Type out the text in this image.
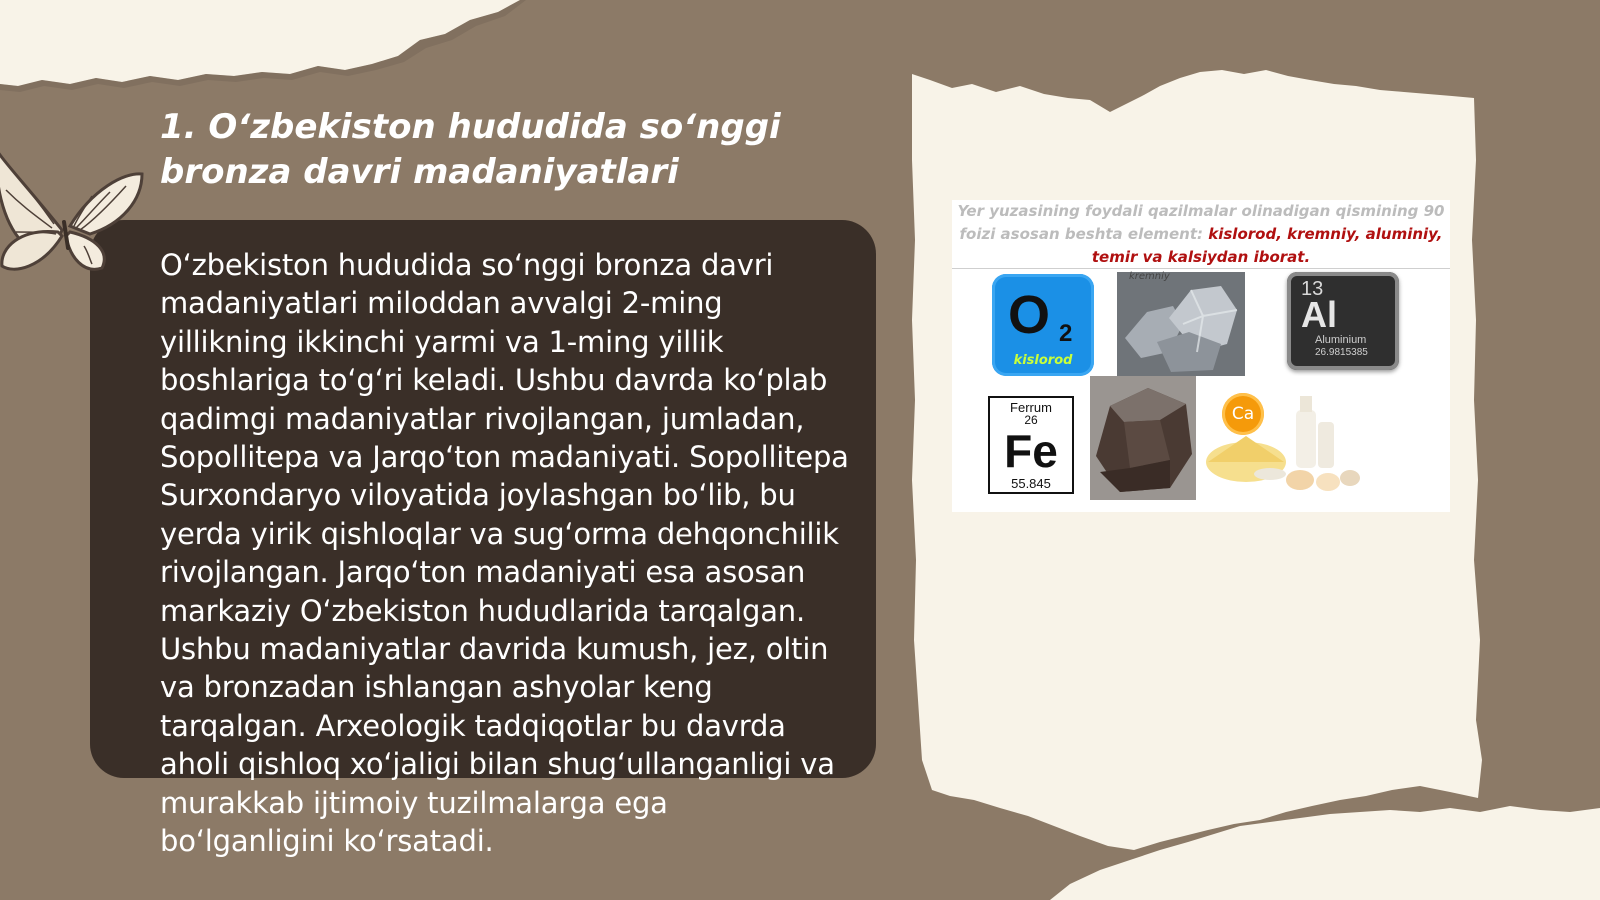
1. O‘zbekiston hududida so‘nggi bronza davri madaniyatlari

O‘zbekiston hududida so‘nggi bronza davri madaniyatlari miloddan avvalgi 2-ming yillikning ikkinchi yarmi va 1-ming yillik boshlariga to‘g‘ri keladi. Ushbu davrda ko‘plab qadimgi madaniyatlar rivojlangan, jumladan, Sopollitepa va Jarqo‘ton madaniyati. Sopollitepa Surxondaryo viloyatida joylashgan bo‘lib, bu yerda yirik qishloqlar va sug‘orma dehqonchilik rivojlangan. Jarqo‘ton madaniyati esa asosan markaziy O‘zbekiston hududlarida tarqalgan. Ushbu madaniyatlar davrida kumush, jez, oltin va bronzadan ishlangan ashyolar keng tarqalgan. Arxeologik tadqiqotlar bu davrda aholi qishloq xo‘jaligi bilan shug‘ullanganligi va murakkab ijtimoiy tuzilmalarga ega bo‘lganligini ko‘rsatadi.

Yer yuzasining foydali qazilmalar olinadigan qismining 90 foizi asosan beshta element: kislorod, kremniy, aluminiy, temir va kalsiydan iborat.
O 2
kislorod
13
Al
Aluminium
26.9815385
Ferrum
26
Fe
55.845
kremniy
Ca
